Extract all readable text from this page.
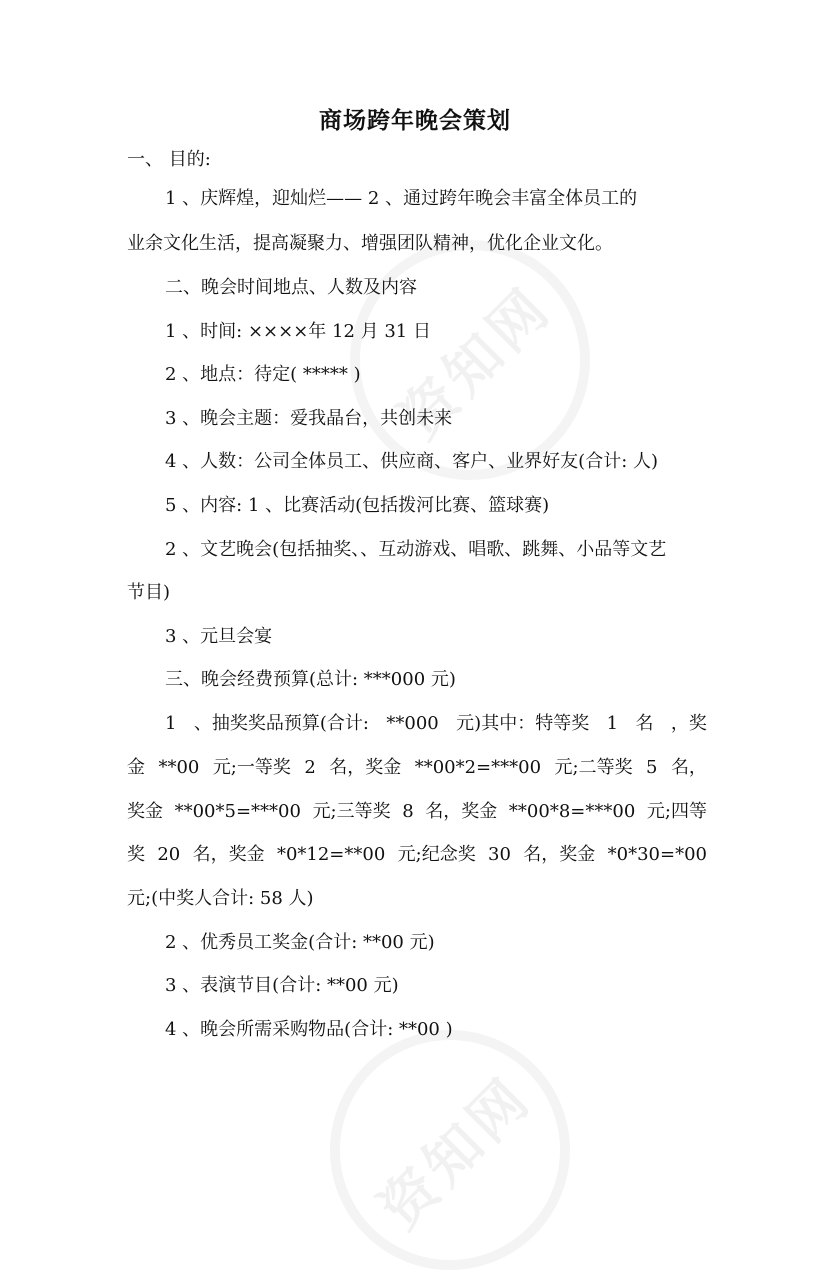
资知网
资知网
商场跨年晚会策划
一、 目的:
1 、庆辉煌，迎灿烂—— 2 、通过跨年晚会丰富全体员工的
业余文化生活，提高凝聚力、增强团队精神，优化企业文化。
二、晚会时间地点、人数及内容
1 、时间: ××××年 12 月 31 日
2 、地点：待定( ***** )
3 、晚会主题：爱我晶台，共创未来
4 、人数：公司全体员工、供应商、客户、业界好友(合计: 人)
5 、内容: 1 、比赛活动(包括拨河比赛、篮球赛)
2 、文艺晚会(包括抽奖、、互动游戏、唱歌、跳舞、小品等文艺
节目)
3 、元旦会宴
三、晚会经费预算(总计: ***000 元)
1 、抽奖奖品预算(合计: **000 元)其中：特等奖 1 名 ，奖
金 **00 元;一等奖 2 名，奖金 **00*2=***00 元;二等奖 5 名，
奖金 **00*5=***00 元;三等奖 8 名，奖金 **00*8=***00 元;四等
奖 20 名，奖金 *0*12=**00 元;纪念奖 30 名，奖金 *0*30=*00
元;(中奖人合计: 58 人)
2 、优秀员工奖金(合计: **00 元)
3 、表演节目(合计: **00 元)
4 、晚会所需采购物品(合计: **00 )
